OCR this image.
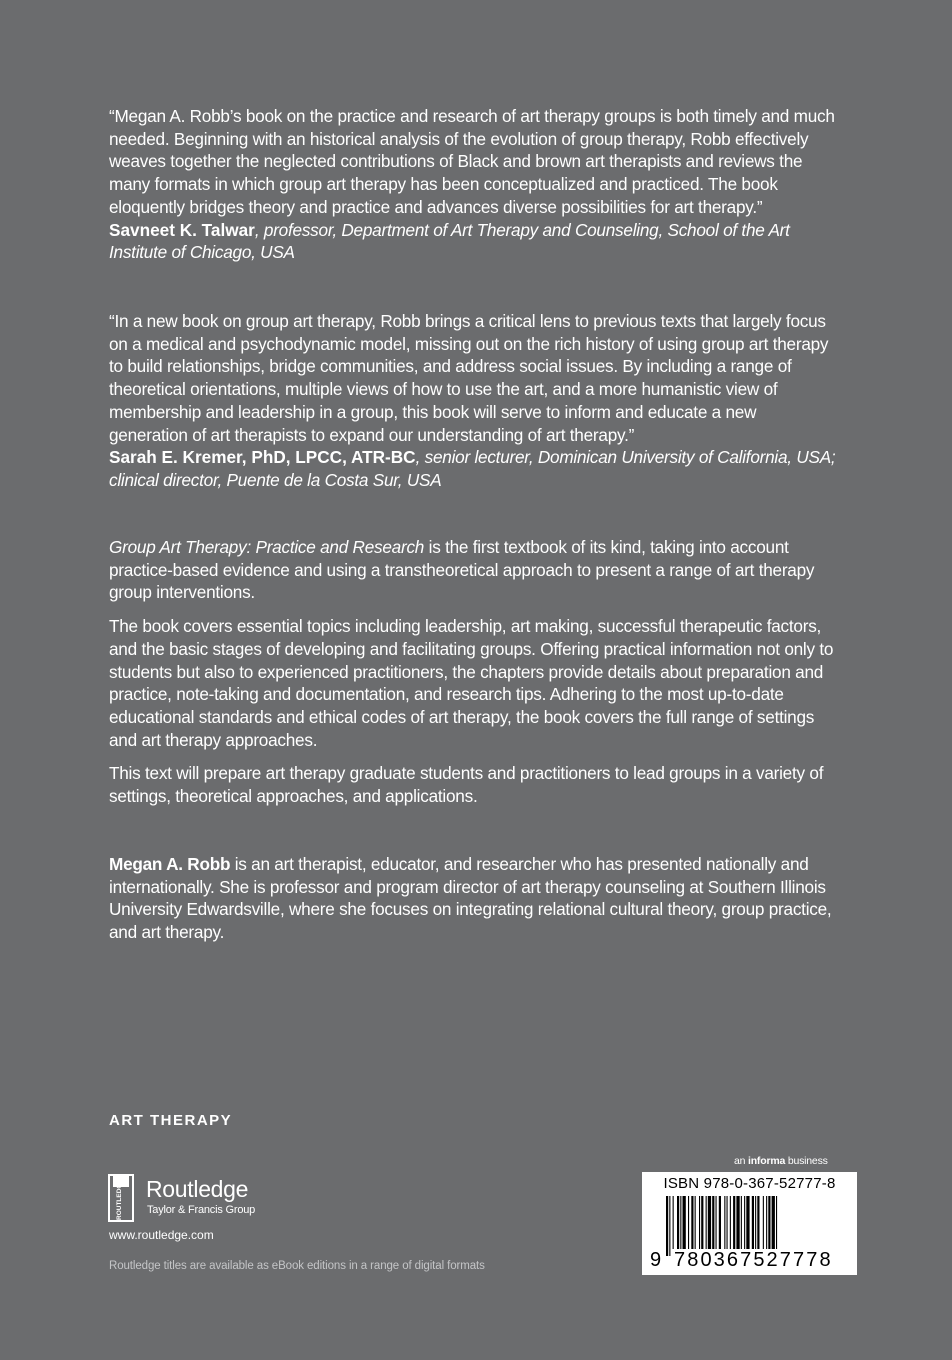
“Megan A. Robb’s book on the practice and research of art therapy groups is both timely and much needed. Beginning with an historical analysis of the evolution of group therapy, Robb effectively weaves together the neglected contributions of Black and brown art therapists and reviews the many formats in which group art therapy has been conceptualized and practiced. The book eloquently bridges theory and practice and advances diverse possibilities for art therapy.”

Savneet K. Talwar, professor, Department of Art Therapy and Counseling, School of the Art Institute of Chicago, USA

“In a new book on group art therapy, Robb brings a critical lens to previous texts that largely focus on a medical and psychodynamic model, missing out on the rich history of using group art therapy to build relationships, bridge communities, and address social issues. By including a range of theoretical orientations, multiple views of how to use the art, and a more humanistic view of membership and leadership in a group, this book will serve to inform and educate a new generation of art therapists to expand our understanding of art therapy.”

Sarah E. Kremer, PhD, LPCC, ATR-BC, senior lecturer, Dominican University of California, USA; clinical director, Puente de la Costa Sur, USA

Group Art Therapy: Practice and Research is the first textbook of its kind, taking into account practice-based evidence and using a transtheoretical approach to present a range of art therapy group interventions.

The book covers essential topics including leadership, art making, successful therapeutic factors, and the basic stages of developing and facilitating groups. Offering practical information not only to students but also to experienced practitioners, the chapters provide details about preparation and practice, note-taking and documentation, and research tips. Adhering to the most up-to-date educational standards and ethical codes of art therapy, the book covers the full range of settings and art therapy approaches.

This text will prepare art therapy graduate students and practitioners to lead groups in a variety of settings, theoretical approaches, and applications.

Megan A. Robb is an art therapist, educator, and researcher who has presented nationally and internationally. She is professor and program director of art therapy counseling at Southern Illinois University Edwardsville, where she focuses on integrating relational cultural theory, group practice, and art therapy.

ART THERAPY
ROUTLEDGE Routledge
Taylor & Francis Group
www.routledge.com
Routledge titles are available as eBook editions in a range of digital formats
an informa business
ISBN 978-0-367-52777-8
9 780367527778
